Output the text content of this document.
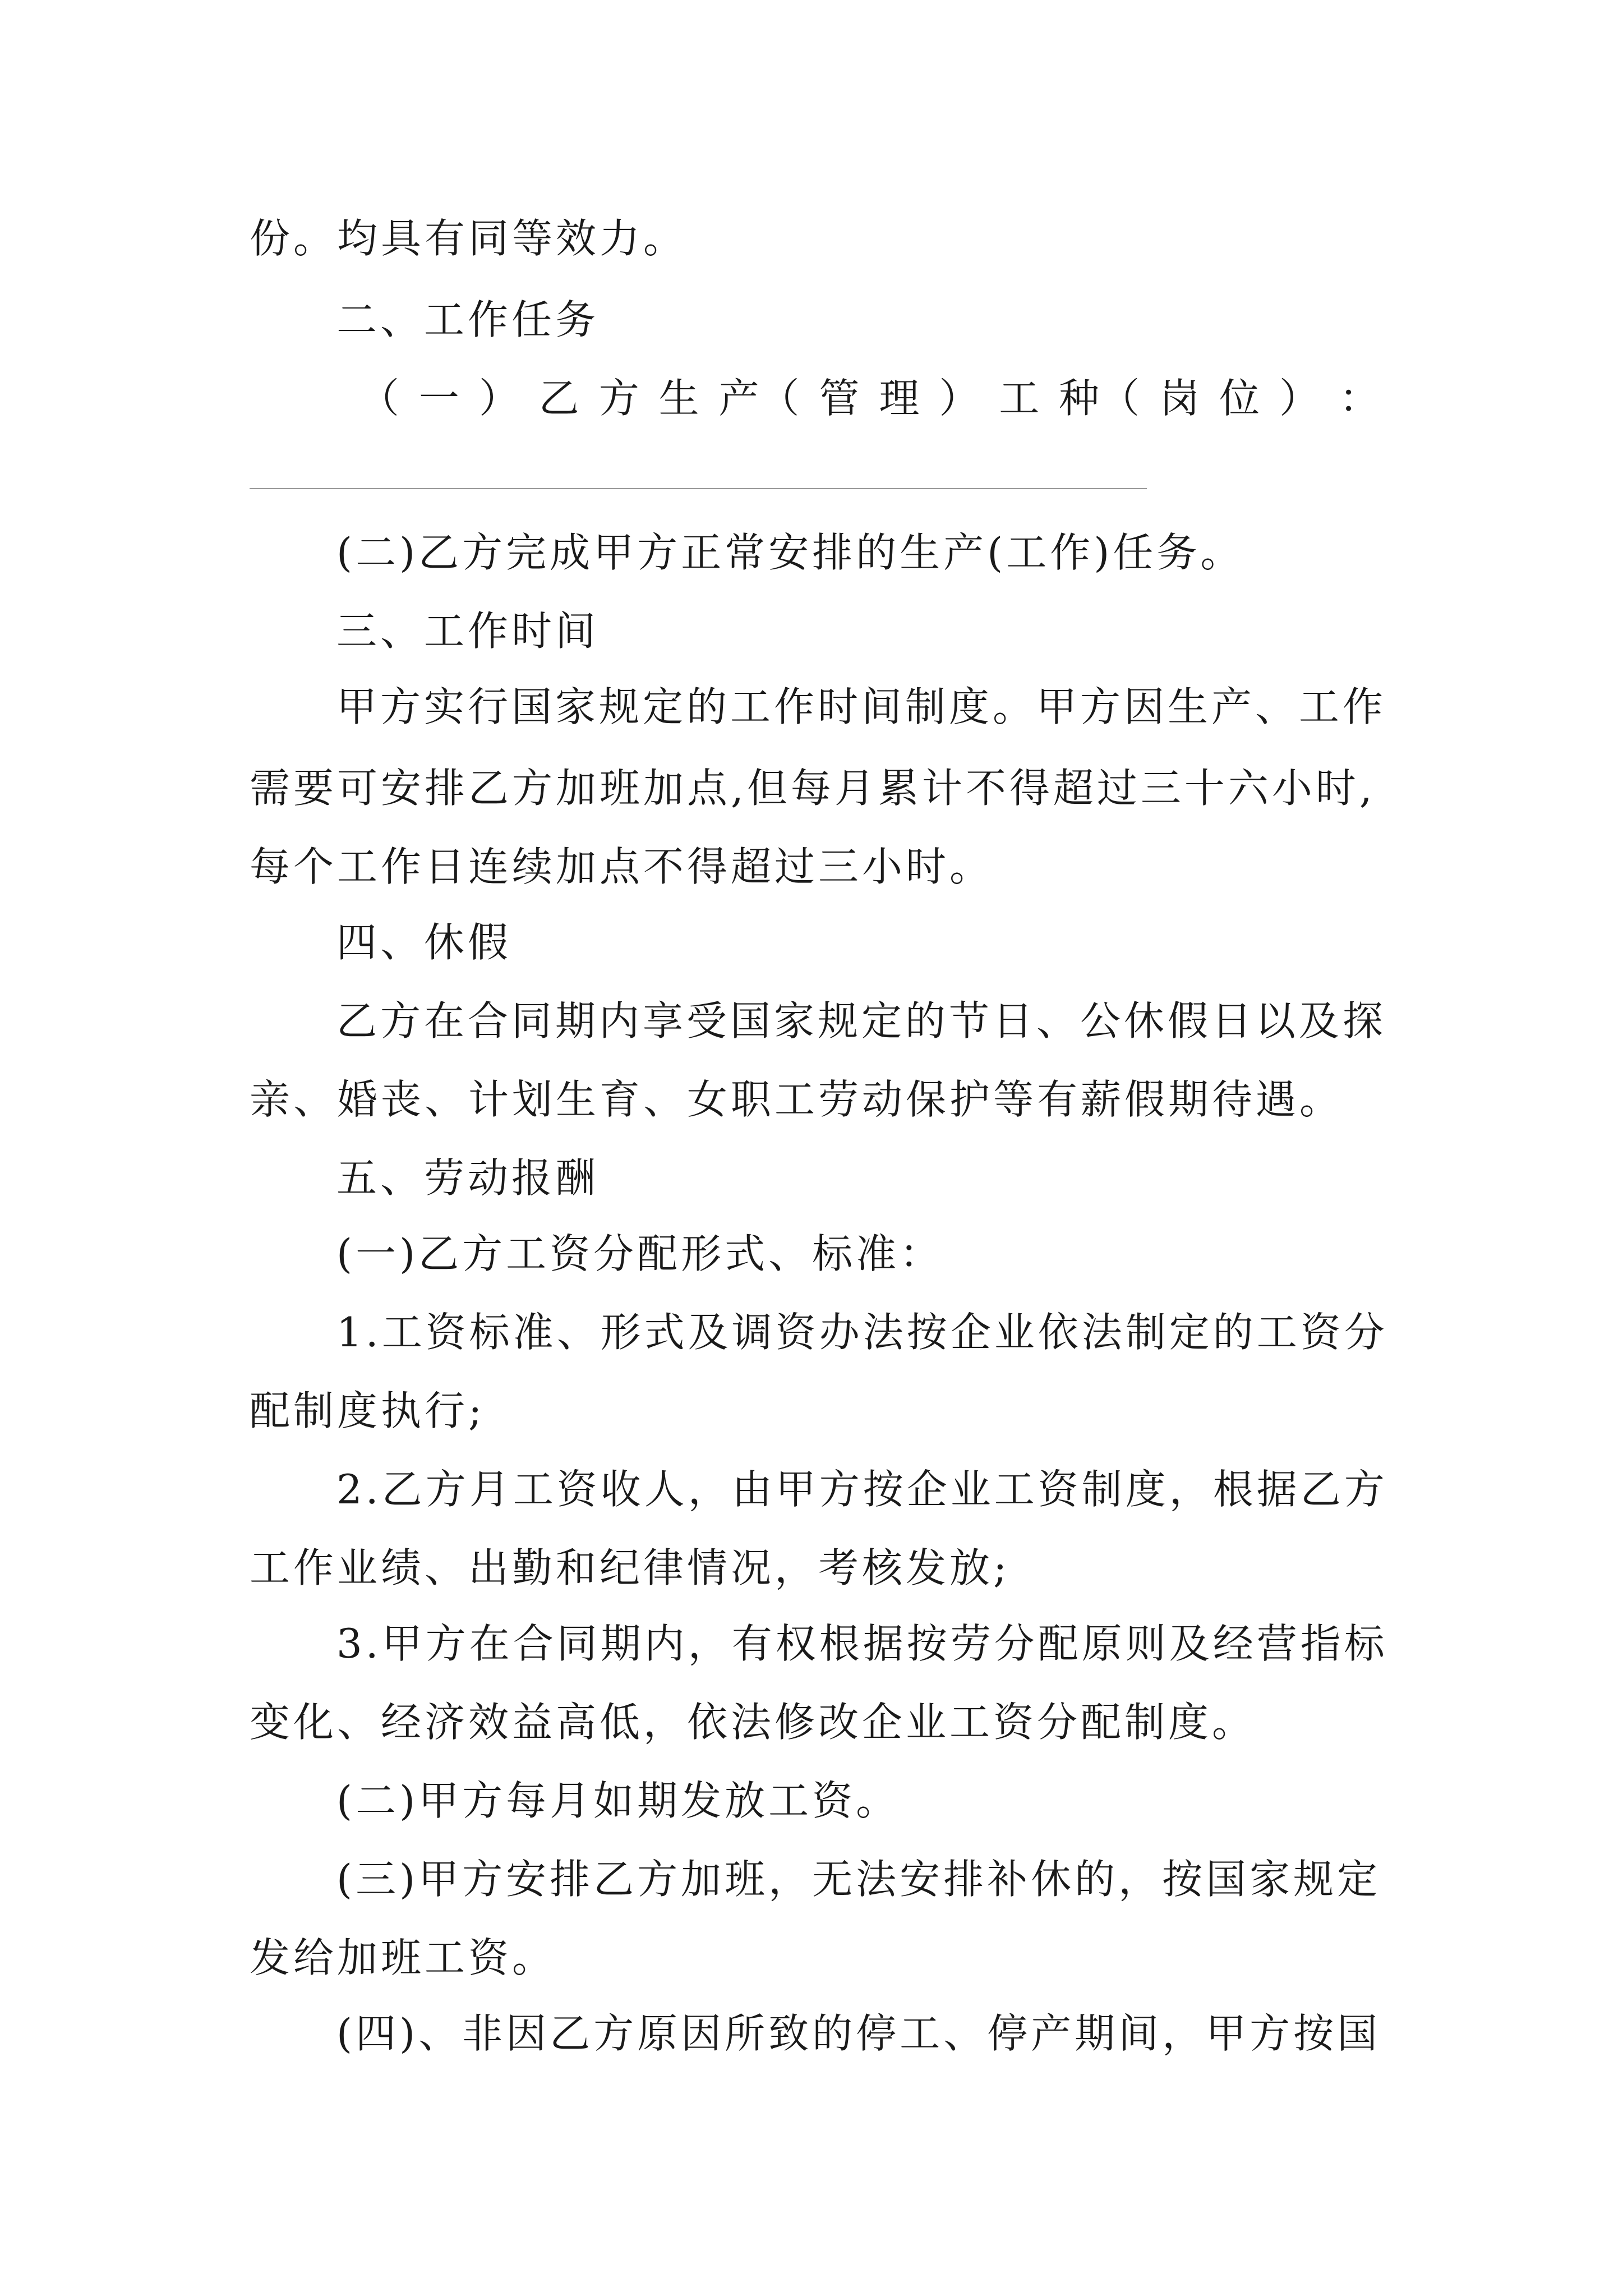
份。均具有同等效力。
二、工作任务
（ 一 ） 乙 方 生 产（ 管 理 ） 工 种（ 岗 位 ） ：
(二)乙方完成甲方正常安排的生产(工作)任务。
三、工作时间
甲方实行国家规定的工作时间制度。甲方因生产、工作
需要可安排乙方加班加点,但每月累计不得超过三十六小时,
每个工作日连续加点不得超过三小时。
四、休假
乙方在合同期内享受国家规定的节日、公休假日以及探
亲、婚丧、计划生育、女职工劳动保护等有薪假期待遇。
五、劳动报酬
(一)乙方工资分配形式、标准：
1.工资标准、形式及调资办法按企业依法制定的工资分
配制度执行;
2.乙方月工资收人，由甲方按企业工资制度，根据乙方
工作业绩、出勤和纪律情况，考核发放;
3.甲方在合同期内，有权根据按劳分配原则及经营指标
变化、经济效益高低，依法修改企业工资分配制度。
(二)甲方每月如期发放工资。
(三)甲方安排乙方加班，无法安排补休的，按国家规定
发给加班工资。
(四)、非因乙方原因所致的停工、停产期间，甲方按国
